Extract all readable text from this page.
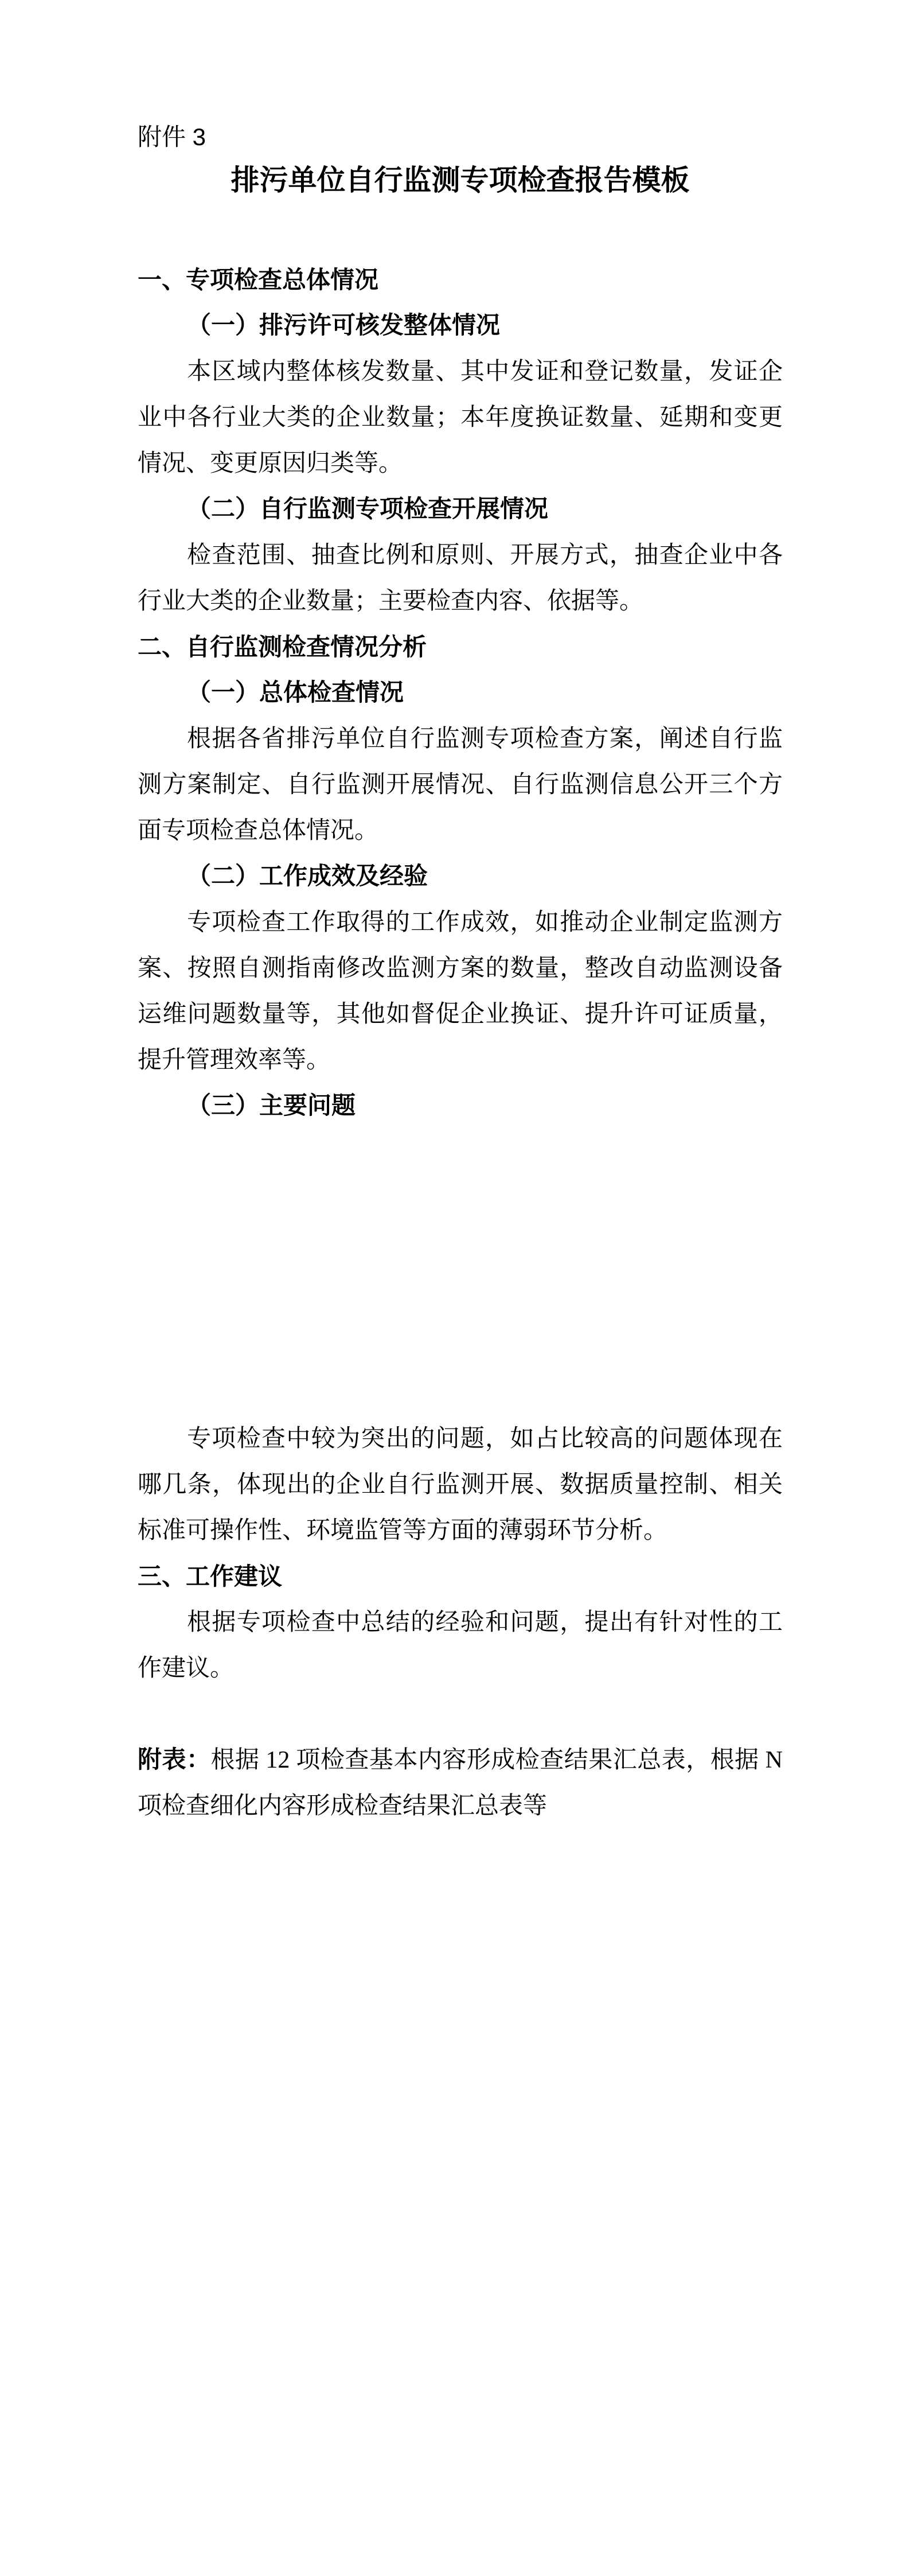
附件 3
排污单位自行监测专项检查报告模板
一、专项检查总体情况
（一）排污许可核发整体情况
本区域内整体核发数量、其中发证和登记数量，发证企
业中各行业大类的企业数量；本年度换证数量、延期和变更
情况、变更原因归类等。
（二）自行监测专项检查开展情况
检查范围、抽查比例和原则、开展方式，抽查企业中各
行业大类的企业数量；主要检查内容、依据等。
二、自行监测检查情况分析
（一）总体检查情况
根据各省排污单位自行监测专项检查方案，阐述自行监
测方案制定、自行监测开展情况、自行监测信息公开三个方
面专项检查总体情况。
（二）工作成效及经验
专项检查工作取得的工作成效，如推动企业制定监测方
案、按照自测指南修改监测方案的数量，整改自动监测设备
运维问题数量等，其他如督促企业换证、提升许可证质量，
提升管理效率等。
（三）主要问题
专项检查中较为突出的问题，如占比较高的问题体现在
哪几条，体现出的企业自行监测开展、数据质量控制、相关
标准可操作性、环境监管等方面的薄弱环节分析。
三、工作建议
根据专项检查中总结的经验和问题，提出有针对性的工
作建议。
附表：根据 12 项检查基本内容形成检查结果汇总表，根据 N
项检查细化内容形成检查结果汇总表等
